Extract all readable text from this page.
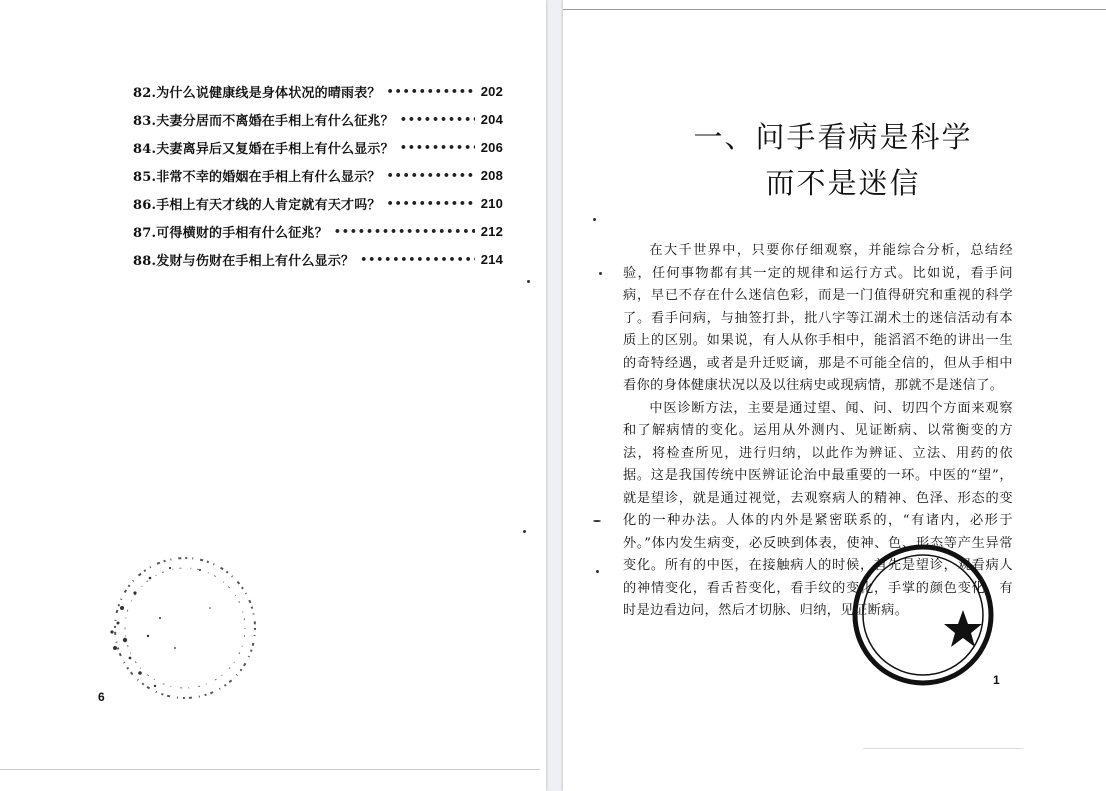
82.为什么说健康线是身体状况的晴雨表？ •••••	202
83.夫妻分居而不离婚在手相上有什么征兆？ •••••	204
84.夫妻离异后又复婚在手相上有什么显示？ •••••	206
85.非常不幸的婚姻在手相上有什么显示？ •••••	208
86.手相上有天才线的人肯定就有天才吗？ •••••	210
87.可得横财的手相有什么征兆？ •••••	212
88.发财与伤财在手相上有什么显示？ •••••	214
6
一、问手看病是科学
而不是迷信

在大千世界中，只要你仔细观察，并能综合分析，总结经验，任何事物都有其一定的规律和运行方式。比如说，看手问病，早已不存在什么迷信色彩，而是一门值得研究和重视的科学了。看手问病，与抽签打卦，批八字等江湖术士的迷信活动有本质上的区别。如果说，有人从你手相中，能滔滔不绝的讲出一生的奇特经遇，或者是升迁贬谪，那是不可能全信的，但从手相中看你的身体健康状况以及以往病史或现病情，那就不是迷信了。

中医诊断方法，主要是通过望、闻、问、切四个方面来观察和了解病情的变化。运用从外测内、见证断病、以常衡变的方法，将检查所见，进行归纳，以此作为辨证、立法、用药的依据。这是我国传统中医辨证论治中最重要的一环。中医的“望”，就是望诊，就是通过视觉，去观察病人的精神、色泽、形态的变化的一种办法。人体的内外是紧密联系的，“有诸内，必形于外。”体内发生病变，必反映到体表，使神、色、形态等产生异常变化。所有的中医，在接触病人的时候，首先是望诊，观看病人的神情变化，看舌苔变化，看手纹的变化，手掌的颜色变化，有时是边看边问，然后才切脉、归纳，见证断病。

1
